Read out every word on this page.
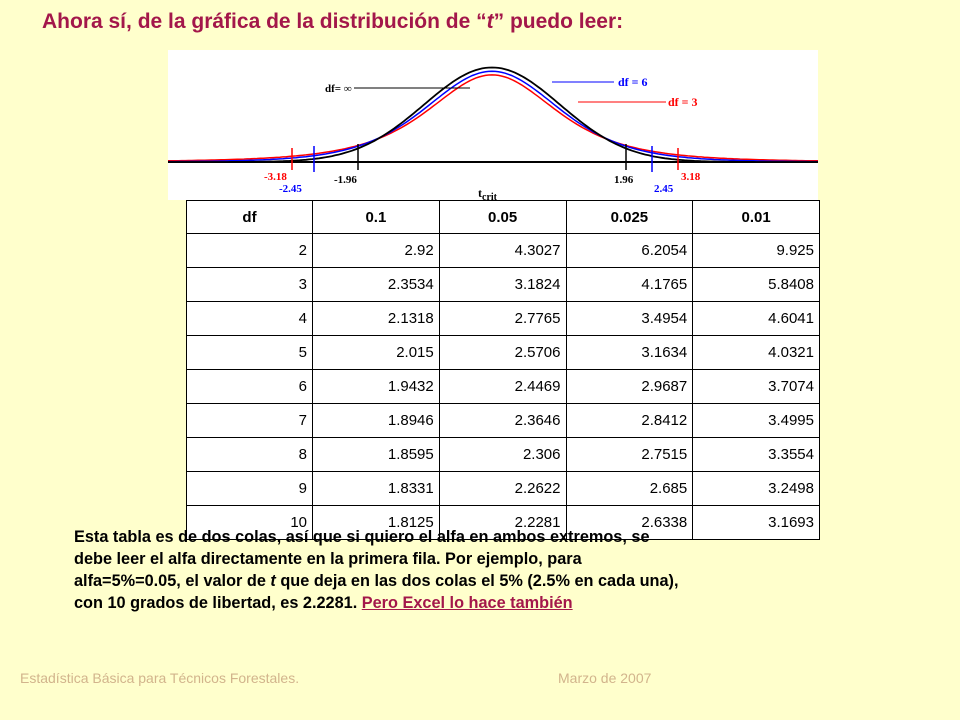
Ahora sí, de la gráfica de la distribución de “t” puedo leer:
df= ∞	df = 6
df = 3
-3.18
-2.45
-1.96	1.96
2.45
3.18
$t_{crit}$
df	0.1	0.05	0.025	0.01
2	2.92	4.3027	6.2054	9.925
3	2.3534	3.1824	4.1765	5.8408
4	2.1318	2.7765	3.4954	4.6041
5	2.015	2.5706	3.1634	4.0321
6	1.9432	2.4469	2.9687	3.7074
7	1.8946	2.3646	2.8412	3.4995
8	1.8595	2.306	2.7515	3.3554
9	1.8331	2.2622	2.685	3.2498
10	1.8125	2.2281	2.6338	3.1693

Esta tabla es de dos colas, así que si quiero el alfa en ambos extremos, se
debe leer el alfa directamente en la primera fila. Por ejemplo, para
alfa=5%=0.05, el valor de t que deja en las dos colas el 5% (2.5% en cada una),
con 10 grados de libertad, es 2.2281. Pero Excel lo hace también

Estadística Básica para Técnicos Forestales.	Marzo de 2007
